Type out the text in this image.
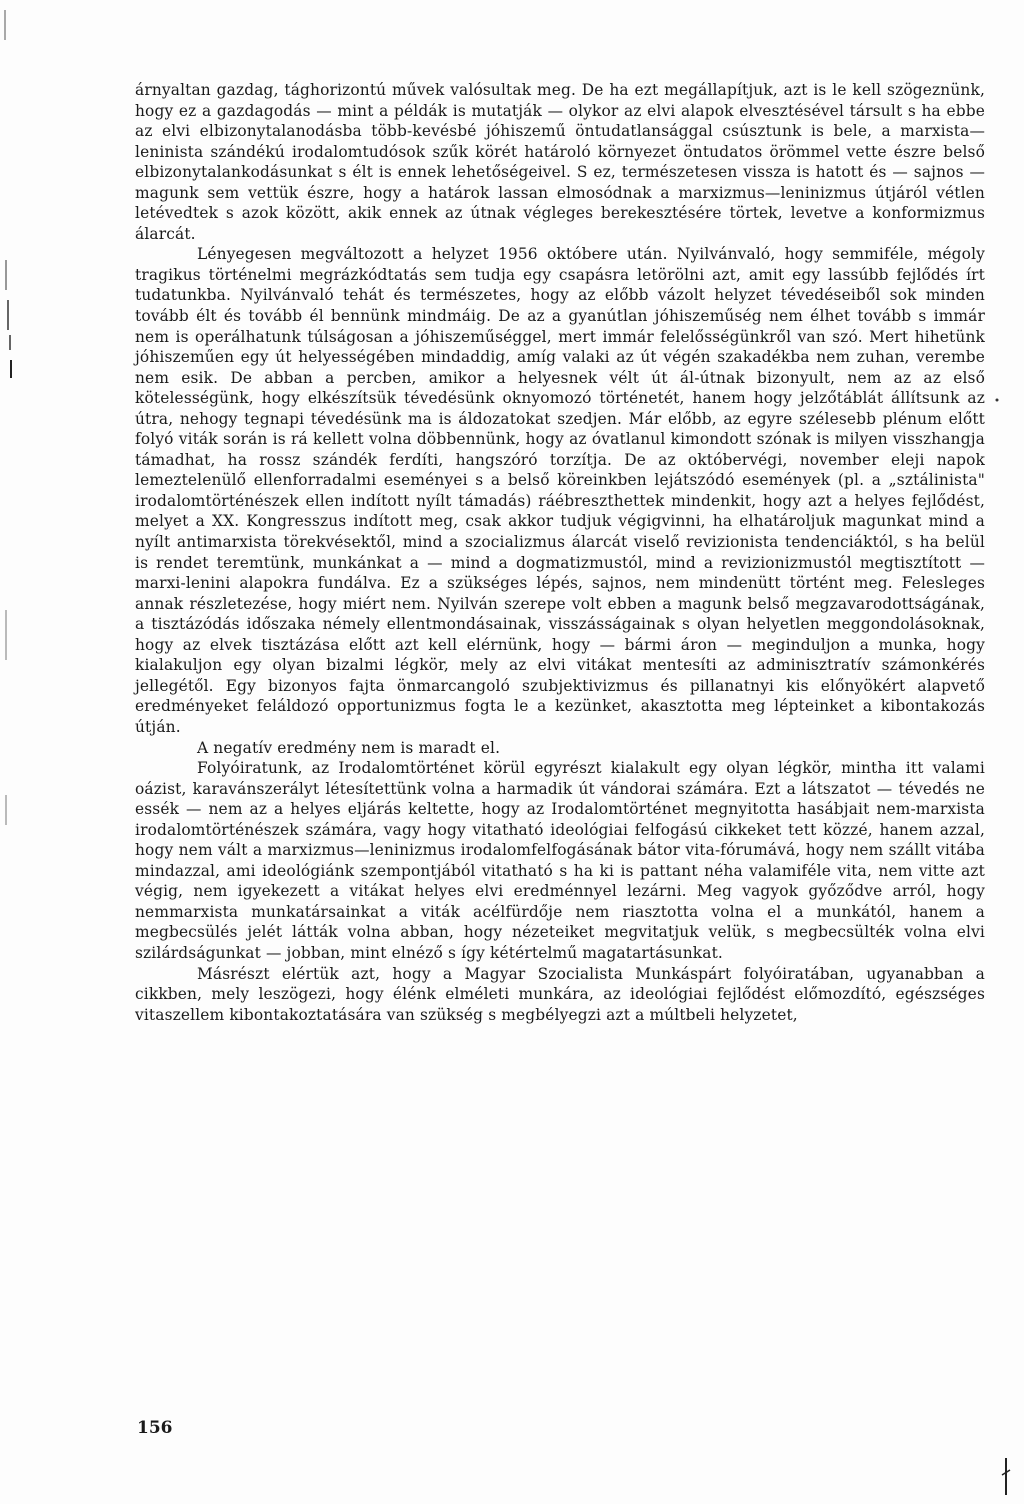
árnyaltan gazdag, tághorizontú művek valósultak meg. De ha ezt megállapítjuk, azt is le kell szögeznünk, hogy ez a gazdagodás — mint a példák is mutatják — olykor az elvi alapok elvesztésével társult s ha ebbe az elvi elbizonytalanodásba több-kevésbé jóhiszemű öntudatlansággal csúsztunk is bele, a marxista—leninista szándékú irodalomtudósok szűk körét határoló környezet öntudatos örömmel vette észre belső elbizonytalankodásunkat s élt is ennek lehetőségeivel. S ez, természetesen vissza is hatott és — sajnos — magunk sem vettük észre, hogy a határok lassan elmosódnak a marxizmus—leninizmus útjáról vétlen letévedtek s azok között, akik ennek az útnak végleges berekesztésére törtek, levetve a konformizmus álarcát.

Lényegesen megváltozott a helyzet 1956 októbere után. Nyilvánvaló, hogy semmiféle, mégoly tragikus történelmi megrázkódtatás sem tudja egy csapásra letörölni azt, amit egy lassúbb fejlődés írt tudatunkba. Nyilvánvaló tehát és természetes, hogy az előbb vázolt helyzet tévedéseiből sok minden tovább élt és tovább él bennünk mindmáig. De az a gyanútlan jóhiszeműség nem élhet tovább s immár nem is operálhatunk túlságosan a jóhiszeműséggel, mert immár felelősségünkről van szó. Mert hihetünk jóhiszeműen egy út helyességében mindaddig, amíg valaki az út végén szakadékba nem zuhan, verembe nem esik. De abban a percben, amikor a helyesnek vélt út ál-útnak bizonyult, nem az az első kötelességünk, hogy elkészítsük tévedésünk oknyomozó történetét, hanem hogy jelzőtáblát állítsunk az útra, nehogy tegnapi tévedésünk ma is áldozatokat szedjen. Már előbb, az egyre szélesebb plénum előtt folyó viták során is rá kellett volna döbbennünk, hogy az óvatlanul kimondott szónak is milyen visszhangja támadhat, ha rossz szándék ferdíti, hangszóró torzítja. De az októbervégi, november eleji napok lemeztelenülő ellenforradalmi eseményei s a belső köreinkben lejátszódó események (pl. a „sztálinista" irodalomtörténészek ellen indított nyílt támadás) ráébreszthettek mindenkit, hogy azt a helyes fejlődést, melyet a XX. Kongresszus indított meg, csak akkor tudjuk végigvinni, ha elhatároljuk magunkat mind a nyílt antimarxista törekvésektől, mind a szocializmus álarcát viselő revizionista tendenciáktól, s ha belül is rendet teremtünk, munkánkat a — mind a dogmatizmustól, mind a revizionizmustól megtisztított — marxi-lenini alapokra fundálva. Ez a szükséges lépés, sajnos, nem mindenütt történt meg. Felesleges annak részletezése, hogy miért nem. Nyilván szerepe volt ebben a magunk belső megzavarodottságának, a tisztázódás időszaka némely ellentmondásainak, visszásságainak s olyan helyetlen meggondolásoknak, hogy az elvek tisztázása előtt azt kell elérnünk, hogy — bármi áron — meginduljon a munka, hogy kialakuljon egy olyan bizalmi légkör, mely az elvi vitákat mentesíti az adminisztratív számonkérés jellegétől. Egy bizonyos fajta önmarcangoló szubjektivizmus és pillanatnyi kis előnyökért alapvető eredményeket feláldozó opportunizmus fogta le a kezünket, akasztotta meg lépteinket a kibontakozás útján.

A negatív eredmény nem is maradt el.

Folyóiratunk, az Irodalomtörténet körül egyrészt kialakult egy olyan légkör, mintha itt valami oázist, karavánszerályt létesítettünk volna a harmadik út vándorai számára. Ezt a látszatot — tévedés ne essék — nem az a helyes eljárás keltette, hogy az Irodalomtörténet megnyitotta hasábjait nem-marxista irodalomtörténészek számára, vagy hogy vitatható ideológiai felfogású cikkeket tett közzé, hanem azzal, hogy nem vált a marxizmus—leninizmus irodalomfelfogásának bátor vita-fórumává, hogy nem szállt vitába mindazzal, ami ideológiánk szempontjából vitatható s ha ki is pattant néha valamiféle vita, nem vitte azt végig, nem igyekezett a vitákat helyes elvi eredménnyel lezárni. Meg vagyok győződve arról, hogy nemmarxista munkatársainkat a viták acélfürdője nem riasztotta volna el a munkától, hanem a megbecsülés jelét látták volna abban, hogy nézeteiket megvitatjuk velük, s megbecsülték volna elvi szilárdságunkat — jobban, mint elnéző s így kétértelmű magatartásunkat.

Másrészt elértük azt, hogy a Magyar Szocialista Munkáspárt folyóiratában, ugyanabban a cikkben, mely leszögezi, hogy élénk elméleti munkára, az ideológiai fejlődést előmozdító, egészséges vitaszellem kibontakoztatására van szükség s megbélyegzi azt a múltbeli helyzetet,

156
